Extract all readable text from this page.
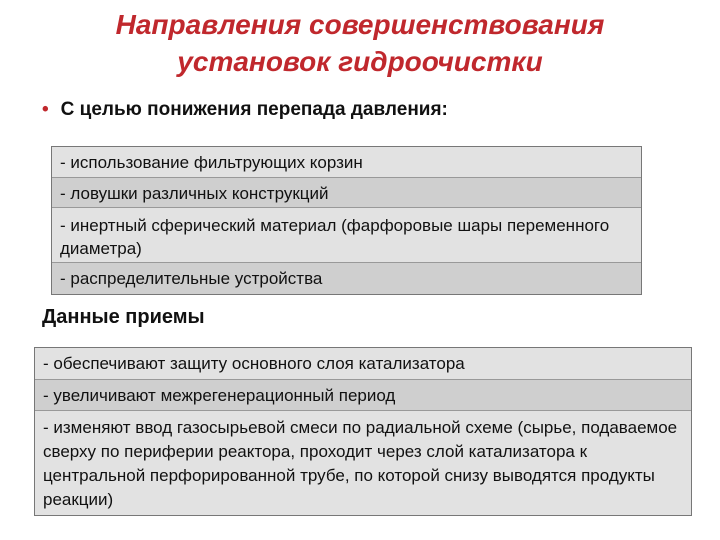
Направления совершенствования установок гидроочистки
• С целью понижения перепада давления:
- использование фильтрующих корзин
- ловушки различных конструкций
- инертный сферический материал (фарфоровые шары переменного диаметра)
- распределительные устройства
Данные приемы
- обеспечивают защиту основного слоя катализатора
- увеличивают межрегенерационный период
- изменяют ввод газосырьевой смеси по радиальной схеме (сырье, подаваемое сверху по периферии реактора, проходит через слой катализатора к центральной перфорированной трубе, по которой снизу выводятся продукты реакции)
